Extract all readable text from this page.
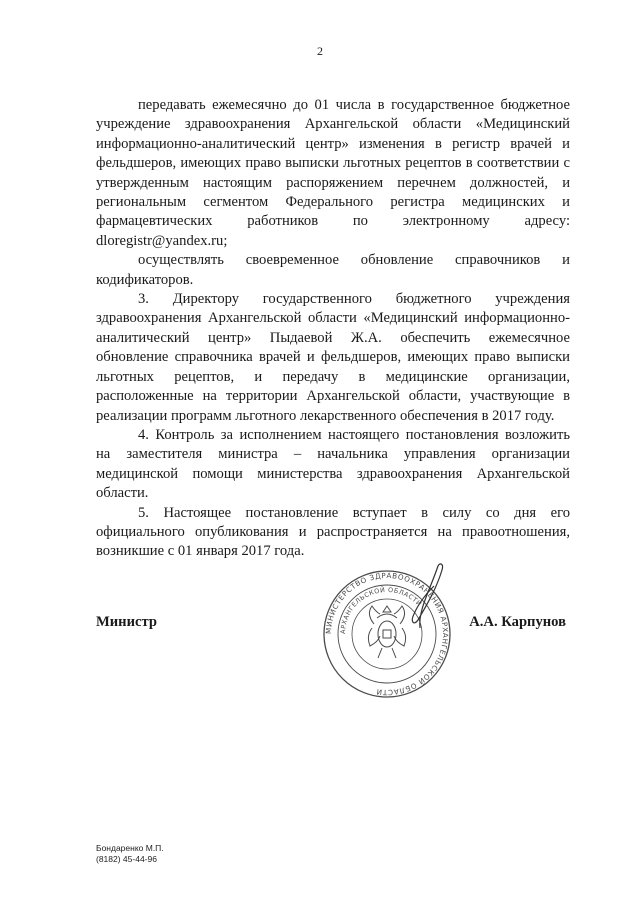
2

передавать ежемесячно до 01 числа в государственное бюджетное учреждение здравоохранения Архангельской области «Медицинский информационно-аналитический центр» изменения в регистр врачей и фельдшеров, имеющих право выписки льготных рецептов в соответствии с утвержденным настоящим распоряжением перечнем должностей, и региональным сегментом Федерального регистра медицинских и фармацевтических работников по электронному адресу: dloregistr@yandex.ru;

осуществлять своевременное обновление справочников и кодификаторов.

3. Директору государственного бюджетного учреждения здравоохранения Архангельской области «Медицинский информационно-аналитический центр» Пыдаевой Ж.А. обеспечить ежемесячное обновление справочника врачей и фельдшеров, имеющих право выписки льготных рецептов, и передачу в медицинские организации, расположенные на территории Архангельской области, участвующие в реализации программ льготного лекарственного обеспечения в 2017 году.

4. Контроль за исполнением настоящего постановления возложить на заместителя министра – начальника управления организации медицинской помощи министерства здравоохранения Архангельской области.

5. Настоящее постановление вступает в силу со дня его официального опубликования и распространяется на правоотношения, возникшие с 01 января 2017 года.

МИНИСТЕРСТВО ЗДРАВООХРАНЕНИЯ АРХАНГЕЛЬСКОЙ ОБЛАСТИ
АРХАНГЕЛЬСКОЙ ОБЛАСТИ
Министр	А.А. Карпунов
Бондаренко М.П.
(8182) 45-44-96
